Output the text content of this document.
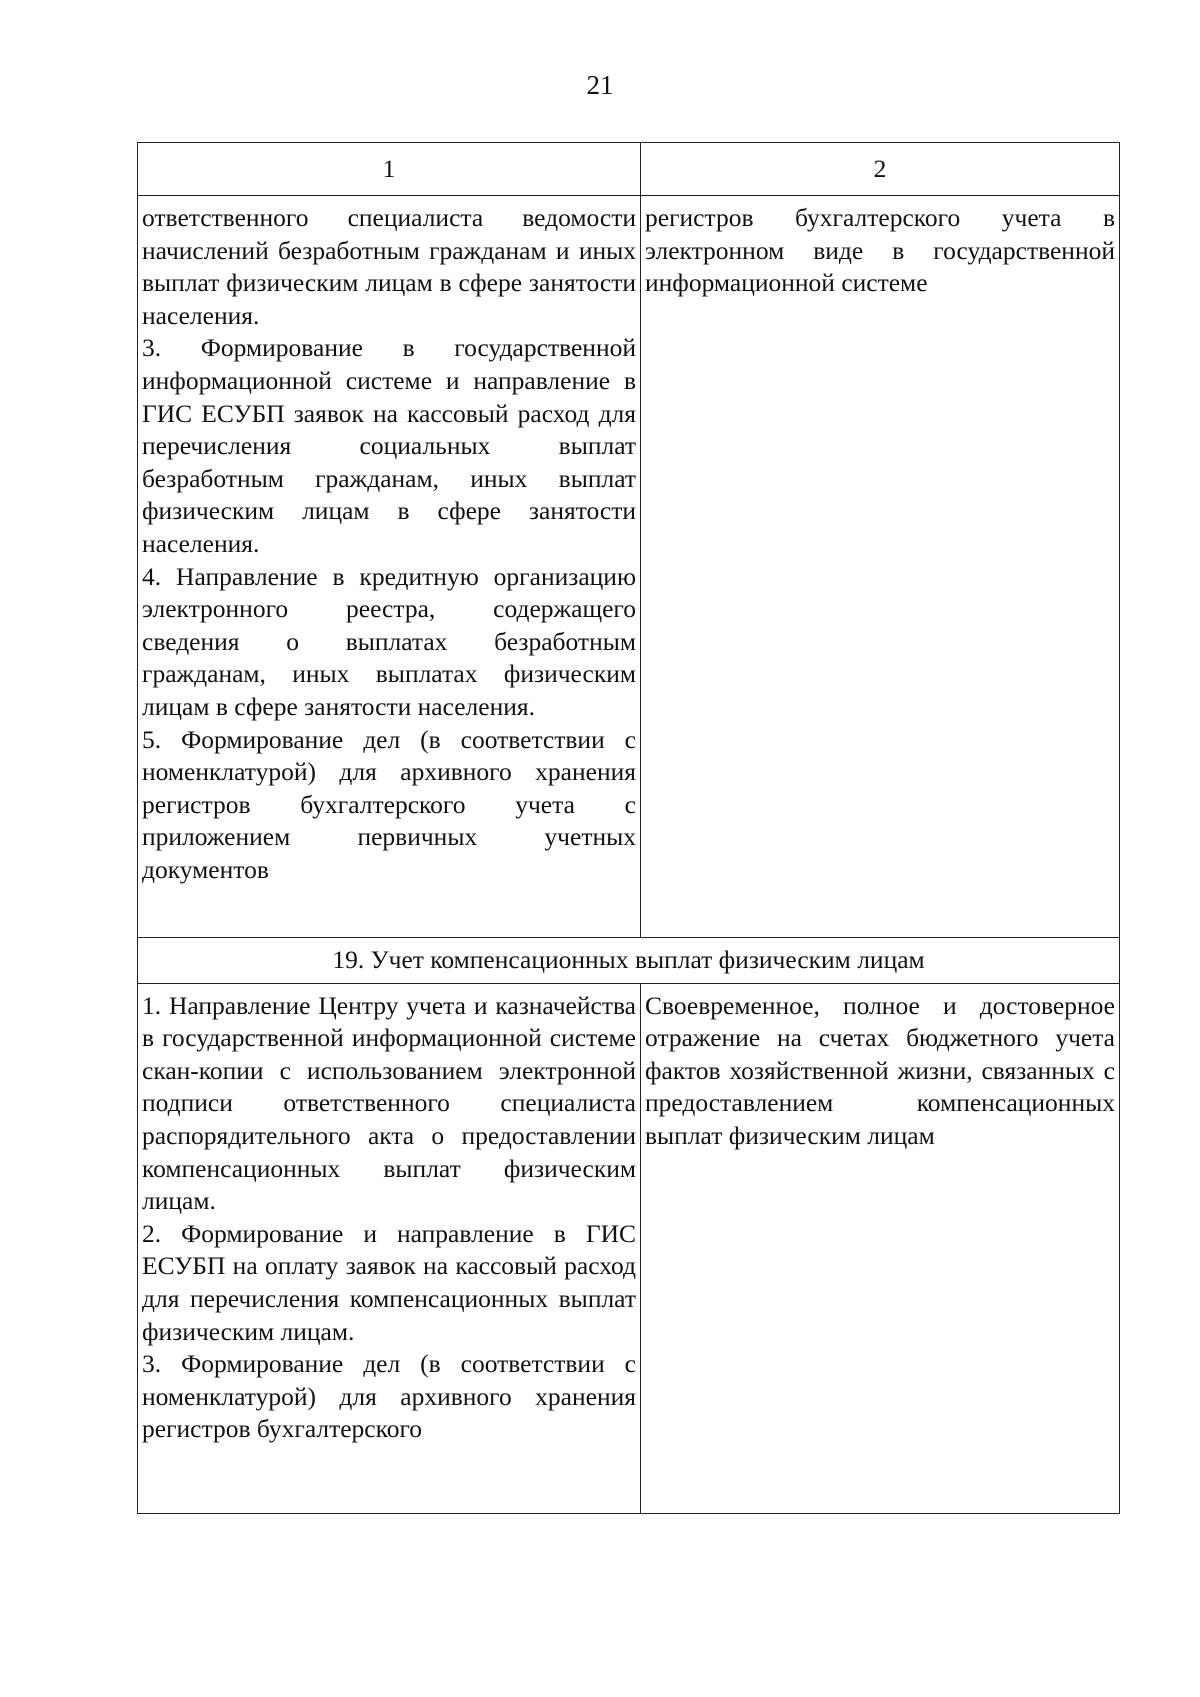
21
1	2

ответственного специалиста ведомости начислений безработным гражданам и иных выплат физическим лицам в сфере занятости населения.
3. Формирование в государственной информационной системе и направление в ГИС ЕСУБП заявок на кассовый расход для перечисления социальных выплат безработным гражданам, иных выплат физическим лицам в сфере занятости населения.
4. Направление в кредитную организацию электронного реестра, содержащего сведения о выплатах безработным гражданам, иных выплатах физическим лицам в сфере занятости населения.
5. Формирование дел (в соответствии с номенклатурой) для архивного хранения регистров бухгалтерского учета с приложением первичных учетных документов	регистров бухгалтерского учета в электронном виде в государственной информационной системе

19. Учет компенсационных выплат физическим лицам	

1. Направление Центру учета и казначейства в государственной информационной системе скан-копии с использованием электронной подписи ответственного специалиста распорядительного акта о предоставлении компенсационных выплат физическим лицам.
2. Формирование и направление в ГИС ЕСУБП на оплату заявок на кассовый расход для перечисления компенсационных выплат физическим лицам.
3. Формирование дел (в соответствии с номенклатурой) для архивного хранения регистров бухгалтерского	Своевременное, полное и достоверное отражение на счетах бюджетного учета фактов хозяйственной жизни, связанных с предоставлением компенсационных выплат физическим лицам
